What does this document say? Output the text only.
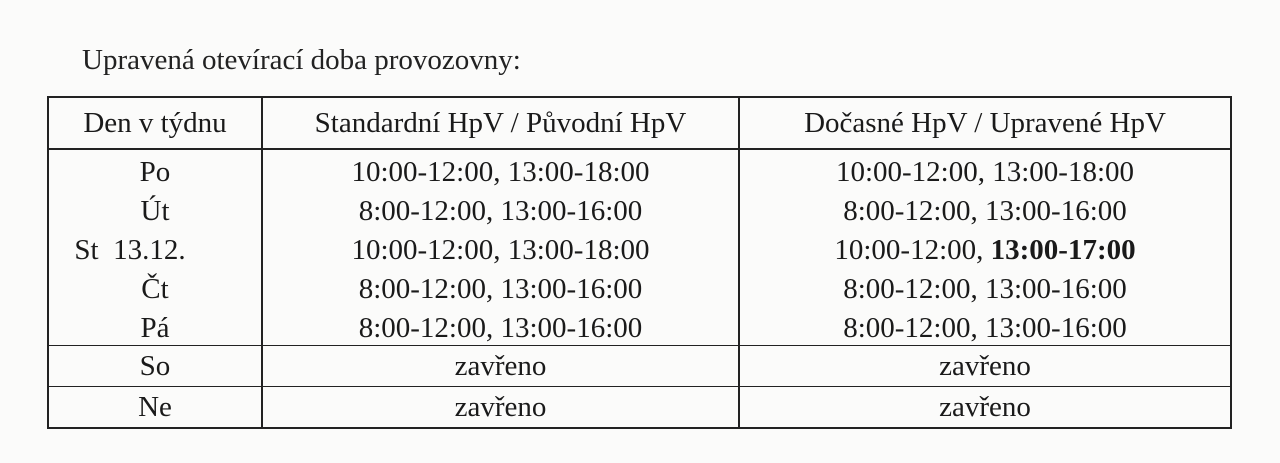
Upravená otevírací doba provozovny:
Den v týdnu	Standardní HpV / Původní HpV	Dočasné HpV / Upravené HpV
Po	10:00-12:00, 13:00-18:00	10:00-12:00, 13:00-18:00
Út	8:00-12:00, 13:00-16:00	8:00-12:00, 13:00-16:00
St  13.12.	10:00-12:00, 13:00-18:00	10:00-12:00, 13:00-17:00
Čt	8:00-12:00, 13:00-16:00	8:00-12:00, 13:00-16:00
Pá	8:00-12:00, 13:00-16:00	8:00-12:00, 13:00-16:00
So	zavřeno	zavřeno
Ne	zavřeno	zavřeno
